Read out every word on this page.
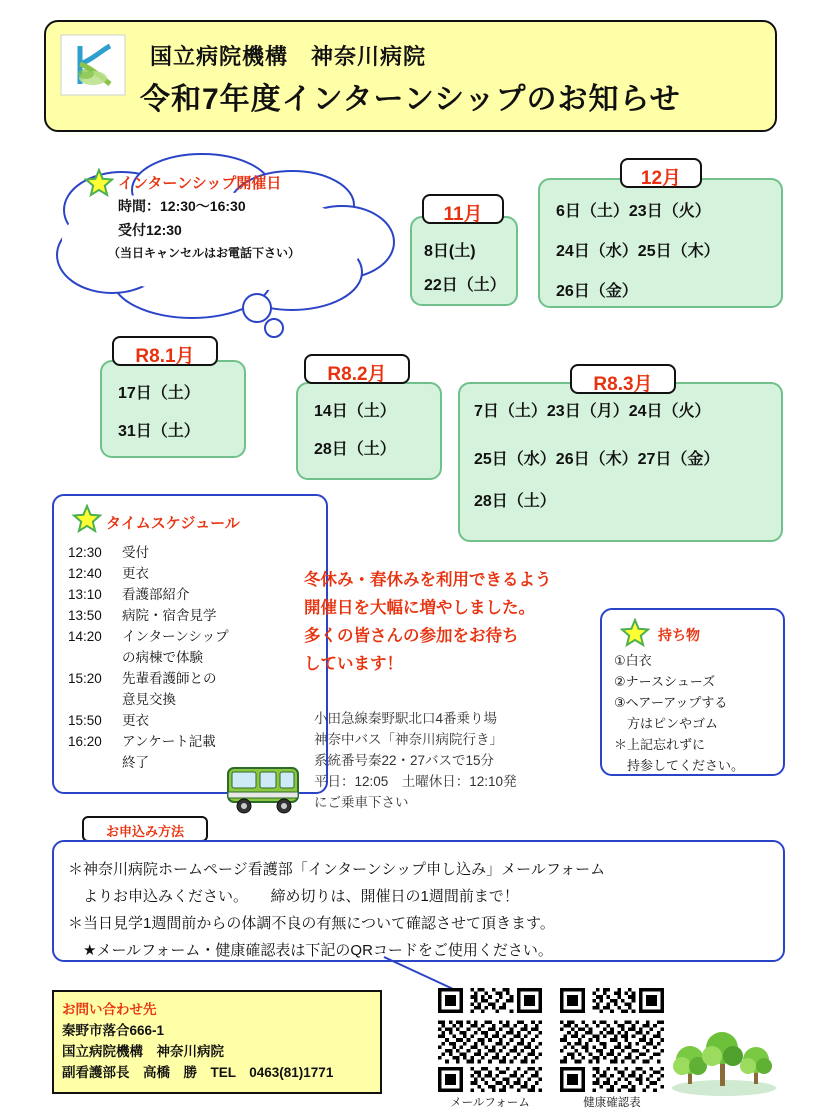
国立病院機構　神奈川病院
令和7年度インターンシップのお知らせ
インターンシップ開催日
時間：12:30〜16:30
受付12:30
（当日キャンセルはお電話下さい）
11月
8日(土)
22日（土）
12月
6日（土）23日（火）
24日（水）25日（木）
26日（金）
R8.1月
17日（土）
31日（土）
R8.2月
14日（土）
28日（土）
R8.3月
7日（土）23日（月）24日（火）
25日（水）26日（木）27日（金）
28日（土）
タイムスケジュール
12:30	受付
12:40	更衣
13:10	看護部紹介
13:50	病院・宿舎見学
14:20	インターンシップ
の病棟で体験
15:20	先輩看護師との
意見交換
15:50	更衣
16:20	アンケート記載
終了
冬休み・春休みを利用できるよう
開催日を大幅に増やしました。
多くの皆さんの参加をお待ち
しています！
持ち物
①白衣
②ナースシューズ
③ヘアーアップする
　方はピンやゴム
＊上記忘れずに
　持参してください。
小田急線秦野駅北口4番乗り場
神奈中バス「神奈川病院行き」
系統番号秦22・27バスで15分
平日：12:05　土曜休日：12:10発
にご乗車下さい
お申込み方法
＊神奈川病院ホームページ看護部「インターンシップ申し込み」メールフォーム
　よりお申込みください。　　締め切りは、開催日の1週間前まで！
＊当日見学1週間前からの体調不良の有無について確認させて頂きます。
　★メールフォーム・健康確認表は下記のQRコードをご使用ください。
お問い合わせ先
秦野市落合666-1
国立病院機構　神奈川病院
副看護部長　高橋　勝　TEL　0463(81)1771
メールフォーム	健康確認表
